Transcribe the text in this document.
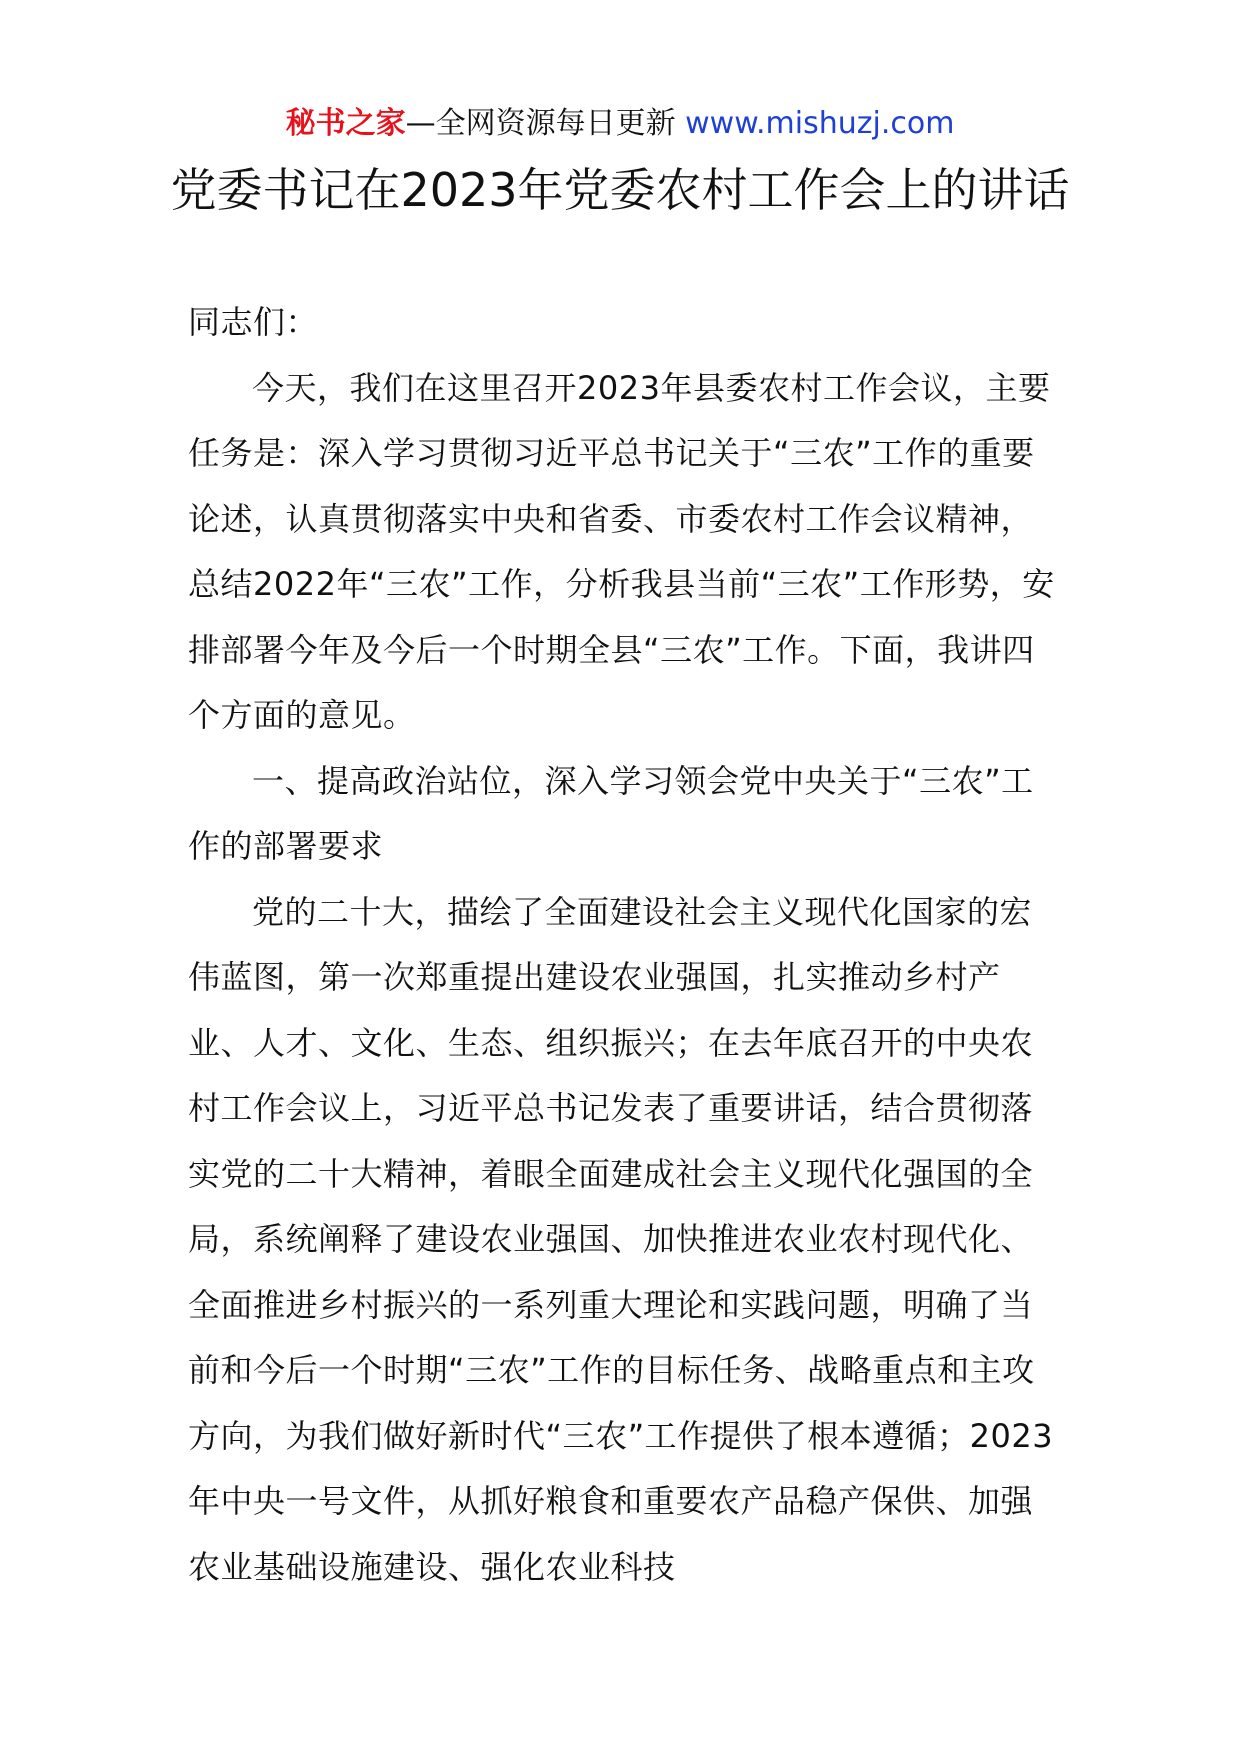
秘书之家—全网资源每日更新 www.mishuzj.com
党委书记在2023年党委农村工作会上的讲话

同志们：

今天，我们在这里召开2023年县委农村工作会议，主要任务是：深入学习贯彻习近平总书记关于“三农”工作的重要论述，认真贯彻落实中央和省委、市委农村工作会议精神，总结2022年“三农”工作，分析我县当前“三农”工作形势，安排部署今年及今后一个时期全县“三农”工作。下面，我讲四个方面的意见。

一、提高政治站位，深入学习领会党中央关于“三农”工作的部署要求

党的二十大，描绘了全面建设社会主义现代化国家的宏伟蓝图，第一次郑重提出建设农业强国，扎实推动乡村产业、人才、文化、生态、组织振兴；在去年底召开的中央农村工作会议上，习近平总书记发表了重要讲话，结合贯彻落实党的二十大精神，着眼全面建成社会主义现代化强国的全局，系统阐释了建设农业强国、加快推进农业农村现代化、全面推进乡村振兴的一系列重大理论和实践问题，明确了当前和今后一个时期“三农”工作的目标任务、战略重点和主攻方向，为我们做好新时代“三农”工作提供了根本遵循；2023年中央一号文件，从抓好粮食和重要农产品稳产保供、加强农业基础设施建设、强化农业科技
